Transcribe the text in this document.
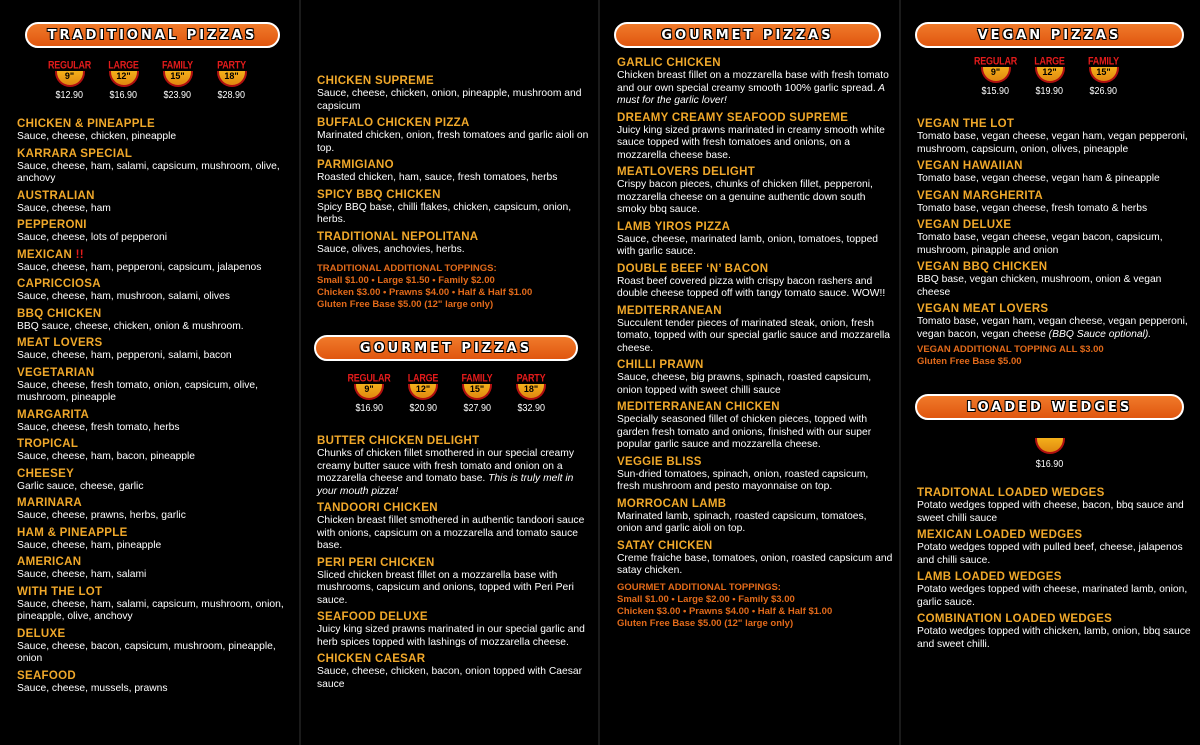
TRADITIONAL PIZZAS
REGULAR
9"
$12.90
LARGE
12"
$16.90
FAMILY
15"
$23.90
PARTY
18"
$28.90
CHICKEN & PINEAPPLE
Sauce, cheese, chicken, pineapple
KARRARA SPECIAL
Sauce, cheese, ham, salami, capsicum, mushroom, olive, anchovy
AUSTRALIAN
Sauce, cheese, ham
PEPPERONI
Sauce, cheese, lots of pepperoni
MEXICAN !!
Sauce, cheese, ham, pepperoni, capsicum, jalapenos
CAPRICCIOSA
Sauce, cheese, ham, mushroon, salami, olives
BBQ CHICKEN
BBQ sauce, cheese, chicken, onion & mushroom.
MEAT LOVERS
Sauce, cheese, ham, pepperoni, salami, bacon
VEGETARIAN
Sauce, cheese, fresh tomato, onion, capsicum, olive, mushroom, pineapple
MARGARITA
Sauce, cheese, fresh tomato, herbs
TROPICAL
Sauce, cheese, ham, bacon, pineapple
CHEESEY
Garlic sauce, cheese, garlic
MARINARA
Sauce, cheese, prawns, herbs, garlic
HAM & PINEAPPLE
Sauce, cheese, ham, pineapple
AMERICAN
Sauce, cheese, ham, salami
WITH THE LOT
Sauce, cheese, ham, salami, capsicum, mushroom, onion, pineapple, olive, anchovy
DELUXE
Sauce, cheese, bacon, capsicum, mushroom, pineapple, onion
SEAFOOD
Sauce, cheese, mussels, prawns
CHICKEN SUPREME
Sauce, cheese, chicken, onion, pineapple, mushroom and capsicum
BUFFALO CHICKEN PIZZA
Marinated chicken, onion, fresh tomatoes and garlic aioli on top.
PARMIGIANO
Roasted chicken, ham, sauce, fresh tomatoes, herbs
SPICY BBQ CHICKEN
Spicy BBQ base, chilli flakes, chicken, capsicum, onion, herbs.
TRADITIONAL NEPOLITANA
Sauce, olives, anchovies, herbs.
TRADITIONAL ADDITIONAL TOPPINGS:
Small $1.00 • Large $1.50 • Family $2.00
Chicken $3.00 • Prawns $4.00 • Half & Half $1.00
Gluten Free Base $5.00 (12" large only)
GOURMET PIZZAS
REGULAR
9"
$16.90
LARGE
12"
$20.90
FAMILY
15"
$27.90
PARTY
18"
$32.90
BUTTER CHICKEN DELIGHT
Chunks of chicken fillet smothered in our special creamy creamy butter sauce with fresh tomato and onion on a mozzarella cheese and tomato base. This is truly melt in your mouth pizza!
TANDOORI CHICKEN
Chicken breast fillet smothered in authentic tandoori sauce with onions, capsicum on a mozzarella and tomato sauce base.
PERI PERI CHICKEN
Sliced chicken breast fillet on a mozzarella base with mushrooms, capsicum and onions, topped with Peri Peri sauce.
SEAFOOD DELUXE
Juicy king sized prawns marinated in our special garlic and herb spices topped with lashings of mozzarella cheese.
CHICKEN CAESAR
Sauce, cheese, chicken, bacon, onion topped with Caesar sauce
GOURMET PIZZAS
GARLIC CHICKEN
Chicken breast fillet on a mozzarella base with fresh tomato and our own special creamy smooth 100% garlic spread. A must for the garlic lover!
DREAMY CREAMY SEAFOOD SUPREME
Juicy king sized prawns marinated in creamy smooth white sauce topped with fresh tomatoes and onions, on a mozzarella cheese base.
MEATLOVERS DELIGHT
Crispy bacon pieces, chunks of chicken fillet, pepperoni, mozzarella cheese on a genuine authentic down south smoky bbq sauce.
LAMB YIROS PIZZA
Sauce, cheese, marinated lamb, onion, tomatoes, topped with garlic sauce.
DOUBLE BEEF ‘N’ BACON
Roast beef covered pizza with crispy bacon rashers and double cheese topped off with tangy tomato sauce. WOW!!
MEDITERRANEAN
Succulent tender pieces of marinated steak, onion, fresh tomato, topped with our special garlic sauce and mozzarella cheese.
CHILLI PRAWN
Sauce, cheese, big prawns, spinach, roasted capsicum, onion topped with sweet chilli sauce
MEDITERRANEAN CHICKEN
Specially seasoned fillet of chicken pieces, topped with garden fresh tomato and onions, finished with our super popular garlic sauce and mozzarella cheese.
VEGGIE BLISS
Sun-dried tomatoes, spinach, onion, roasted capsicum, fresh mushroom and pesto mayonnaise on top.
MORROCAN LAMB
Marinated lamb, spinach, roasted capsicum, tomatoes, onion and garlic aioli on top.
SATAY CHICKEN
Creme fraiche base, tomatoes, onion, roasted capsicum and satay chicken.
GOURMET ADDITIONAL TOPPINGS:
Small $1.00 • Large $2.00 • Family $3.00
Chicken $3.00 • Prawns $4.00 • Half & Half $1.00
Gluten Free Base $5.00 (12" large only)
VEGAN PIZZAS
REGULAR
9"
$15.90
LARGE
12"
$19.90
FAMILY
15"
$26.90
VEGAN THE LOT
Tomato base, vegan cheese, vegan ham, vegan pepperoni, mushroom, capsicum, onion, olives, pineapple
VEGAN HAWAIIAN
Tomato base, vegan cheese, vegan ham & pineapple
VEGAN MARGHERITA
Tomato base, vegan cheese, fresh tomato & herbs
VEGAN DELUXE
Tomato base, vegan cheese, vegan bacon, capsicum, mushroom, pinapple and onion
VEGAN BBQ CHICKEN
BBQ base, vegan chicken, mushroom, onion & vegan cheese
VEGAN MEAT LOVERS
Tomato base, vegan ham, vegan cheese, vegan pepperoni, vegan bacon, vegan cheese (BBQ Sauce optional).
VEGAN ADDITIONAL TOPPING ALL $3.00
Gluten Free Base $5.00
LOADED WEDGES
$16.90
TRADITONAL LOADED WEDGES
Potato wedges topped with cheese, bacon, bbq sauce and sweet chilli sauce
MEXICAN LOADED WEDGES
Potato wedges topped with pulled beef, cheese, jalapenos and chilli sauce.
LAMB LOADED WEDGES
Potato wedges topped with cheese, marinated lamb, onion, garlic sauce.
COMBINATION LOADED WEDGES
Potato wedges topped with chicken, lamb, onion, bbq sauce and sweet chilli.
